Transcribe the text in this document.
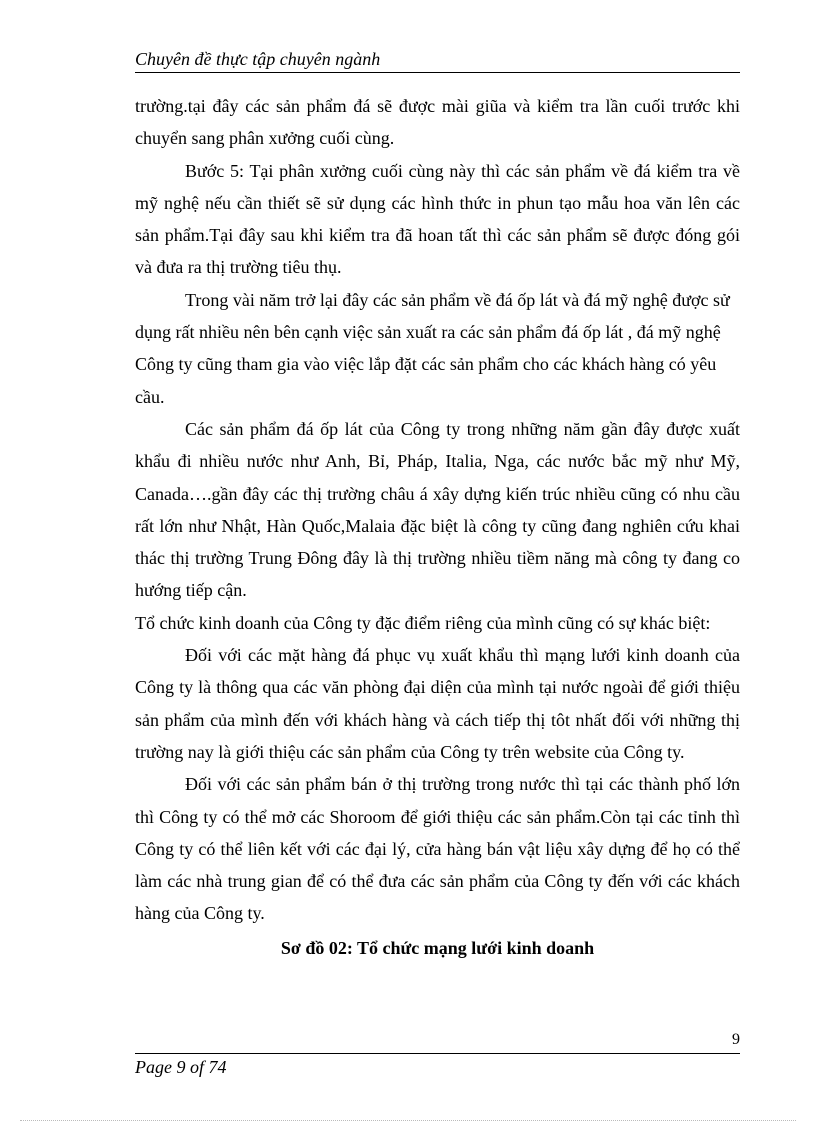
Chuyên đề thực tập chuyên ngành

trường.tại đây các sản phẩm đá sẽ được mài giũa và kiểm tra lần cuối trước khi chuyển sang phân xưởng cuối cùng.

Bước 5: Tại phân xưởng cuối cùng này thì các sản phẩm về đá kiểm tra về mỹ nghệ nếu cần thiết sẽ sử dụng các hình thức in phun tạo mẫu hoa văn lên các sản phẩm.Tại đây sau khi kiểm tra đã hoan tất thì các sản phẩm sẽ được đóng gói và đưa ra thị trường tiêu thụ.

Trong vài năm trở lại đây các sản phẩm về đá ốp lát và đá mỹ nghệ được sử dụng rất nhiều nên bên cạnh việc sản xuất ra các sản phẩm đá ốp lát , đá mỹ nghệ Công ty cũng tham gia vào việc lắp đặt các sản phẩm cho các khách hàng có yêu cầu.

Các sản phẩm đá ốp lát của Công ty trong những năm gần đây được xuất khẩu đi nhiều nước như Anh, Bỉ, Pháp, Italia, Nga, các nước bắc mỹ như Mỹ, Canada….gần đây các thị trường châu á xây dựng kiến trúc nhiều cũng có nhu cầu rất lớn như Nhật, Hàn Quốc,Malaia đặc biệt là công ty cũng đang nghiên cứu khai thác thị trường Trung Đông đây là thị trường nhiều tiềm năng mà công ty đang co hướng tiếp cận.

Tổ chức kinh doanh của Công ty đặc điểm riêng của mình cũng có sự khác biệt:

Đối với các mặt hàng đá phục vụ xuất khẩu thì mạng lưới kinh doanh của Công ty là thông qua các văn phòng đại diện của mình tại nước ngoài để giới thiệu sản phẩm của mình đến với khách hàng và cách tiếp thị tôt nhất đối với những thị trường nay là giới thiệu các sản phẩm của Công ty trên website của Công ty.

Đối với các sản phẩm bán ở thị trường trong nước thì tại các thành phố lớn thì Công ty có thể mở các Shoroom để giới thiệu các sản phẩm.Còn tại các tỉnh thì Công ty có thể liên kết với các đại lý, cửa hàng bán vật liệu xây dựng để họ có thể làm các nhà trung gian để có thể đưa các sản phẩm của Công ty đến với các khách hàng của Công ty.

Sơ đồ 02: Tổ chức mạng lưới kinh doanh

9
Page 9 of 74
